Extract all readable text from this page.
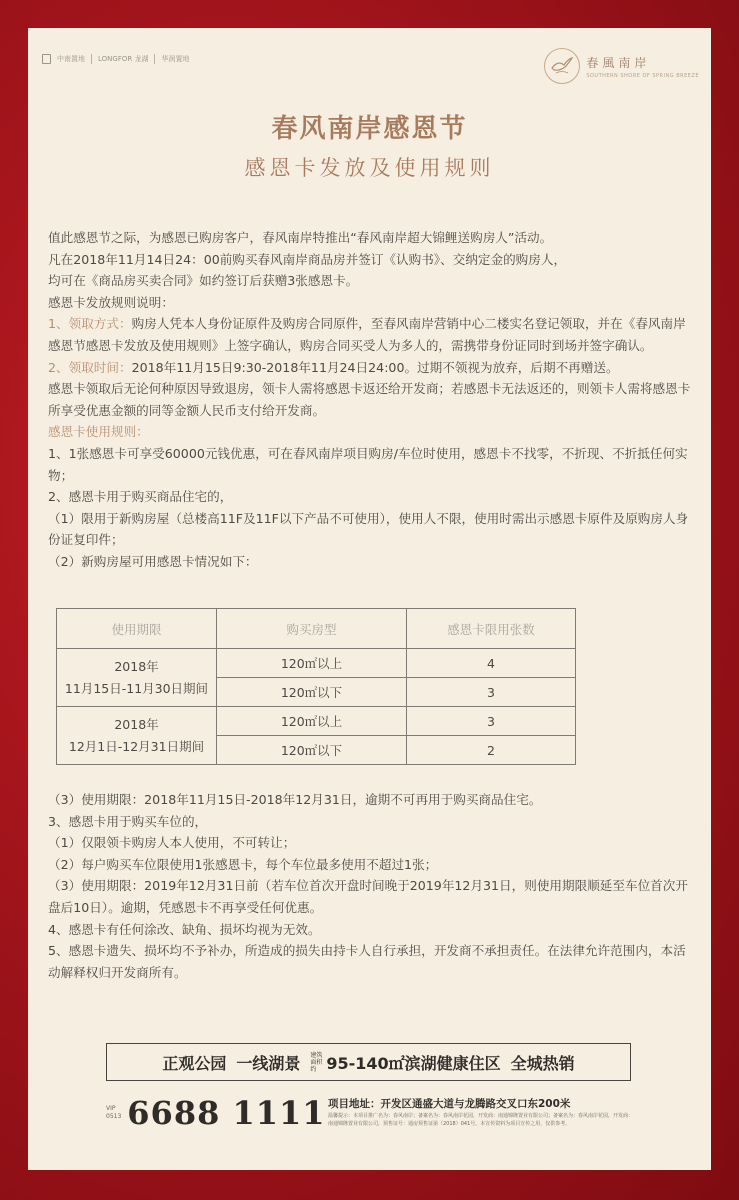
中南置地 LONGFOR 龙湖 华润置地	春風南岸
SOUTHERN SHORE OF SPRING BREEZE
春风南岸感恩节
感恩卡发放及使用规则

值此感恩节之际，为感恩已购房客户，春风南岸特推出“春风南岸超大锦鲤送购房人”活动。

凡在2018年11月14日24：00前购买春风南岸商品房并签订《认购书》、交纳定金的购房人，

均可在《商品房买卖合同》如约签订后获赠3张感恩卡。

感恩卡发放规则说明：

1、领取方式：购房人凭本人身份证原件及购房合同原件，至春风南岸营销中心二楼实名登记领取，并在《春风南岸感恩节感恩卡发放及使用规则》上签字确认，购房合同买受人为多人的，需携带身份证同时到场并签字确认。

2、领取时间：2018年11月15日9:30-2018年11月24日24:00。过期不领视为放弃，后期不再赠送。

感恩卡领取后无论何种原因导致退房，领卡人需将感恩卡返还给开发商；若感恩卡无法返还的，则领卡人需将感恩卡所享受优惠金额的同等金额人民币支付给开发商。

感恩卡使用规则：

1、1张感恩卡可享受60000元钱优惠，可在春风南岸项目购房/车位时使用，感恩卡不找零，不折现、不折抵任何实物；

2、感恩卡用于购买商品住宅的，

（1）限用于新购房屋（总楼高11F及11F以下产品不可使用），使用人不限，使用时需出示感恩卡原件及原购房人身份证复印件；

（2）新购房屋可用感恩卡情况如下：

使用期限	购买房型	感恩卡限用张数

2018年
11月15日-11月30日期间	120㎡以上	4
	120㎡以下	3

2018年
12月1日-12月31日期间	120㎡以上	3
	120㎡以下	2

（3）使用期限：2018年11月15日-2018年12月31日，逾期不可再用于购买商品住宅。

3、感恩卡用于购买车位的，

（1）仅限领卡购房人本人使用，不可转让；

（2）每户购买车位限使用1张感恩卡，每个车位最多使用不超过1张；

（3）使用期限：2019年12月31日前（若车位首次开盘时间晚于2019年12月31日，则使用期限顺延至车位首次开盘后10日）。逾期，凭感恩卡不再享受任何优惠。

4、感恩卡有任何涂改、缺角、损坏均视为无效。

5、感恩卡遗失、损坏均不予补办，所造成的损失由持卡人自行承担，开发商不承担责任。在法律允许范围内，本活动解释权归开发商所有。

正观公园 一线湖景 建筑面积约 95-140㎡滨湖健康住区 全城热销
VIP
0513 6688 1111 项目地址：开发区通盛大道与龙腾路交叉口东200米
温馨提示：本项目推广名为：春风南岸；备案名为：春风南岸花园，开发商：南通锦隆置业有限公司；备案名为：春风南岸花园，开发商：南通锦隆置业有限公司，预售证号：通房预售证第（2018）041号。本宣传资料为项目宣传之用，仅供参考。
